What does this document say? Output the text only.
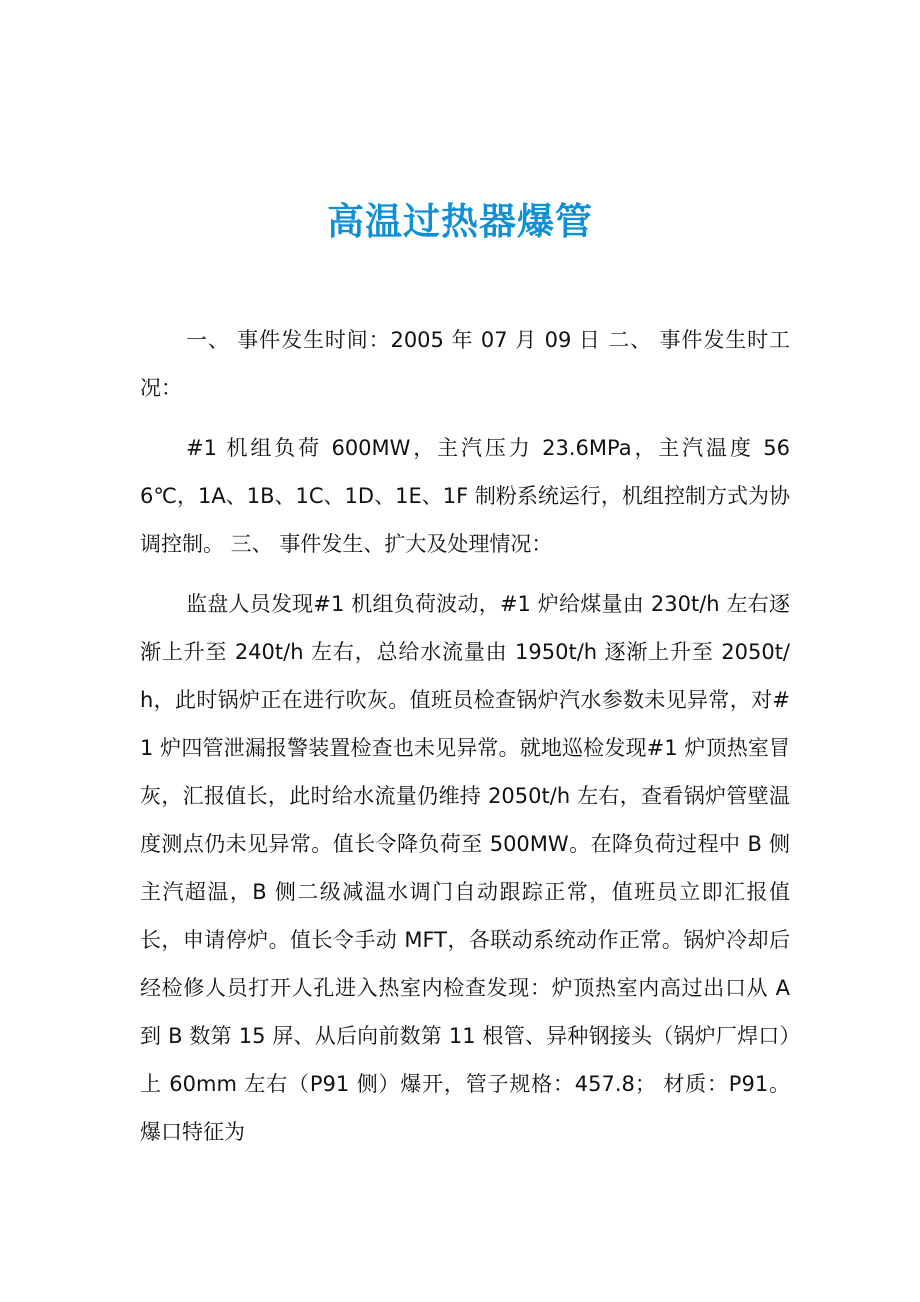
高温过热器爆管

一、 事件发生时间：2005 年 07 月 09 日 二、 事件发生时工况：

#1 机组负荷 600MW，主汽压力 23.6MPa，主汽温度 566℃，1A、1B、1C、1D、1E、1F 制粉系统运行，机组控制方式为协调控制。 三、 事件发生、扩大及处理情况：

监盘人员发现#1 机组负荷波动，#1 炉给煤量由 230t/h 左右逐渐上升至 240t/h 左右，总给水流量由 1950t/h 逐渐上升至 2050t/h，此时锅炉正在进行吹灰。值班员检查锅炉汽水参数未见异常，对#1 炉四管泄漏报警装置检查也未见异常。就地巡检发现#1 炉顶热室冒灰，汇报值长，此时给水流量仍维持 2050t/h 左右，查看锅炉管壁温度测点仍未见异常。值长令降负荷至 500MW。在降负荷过程中 B 侧主汽超温，B 侧二级减温水调门自动跟踪正常，值班员立即汇报值长，申请停炉。值长令手动 MFT，各联动系统动作正常。锅炉冷却后经检修人员打开人孔进入热室内检查发现：炉顶热室内高过出口从 A 到 B 数第 15 屏、从后向前数第 11 根管、异种钢接头（锅炉厂焊口）上 60mm 左右（P91 侧）爆开，管子规格：457.8； 材质：P91。爆口特征为
